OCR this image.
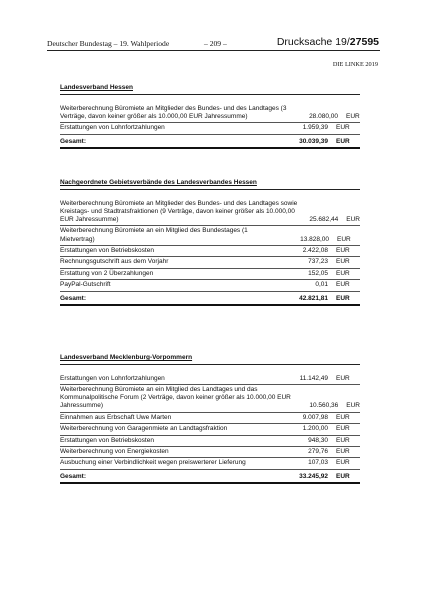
Deutscher Bundestag – 19. Wahlperiode	– 209 –	Drucksache 19/27595
DIE LINKE 2019
Landesverband Hessen
Weiterberechnung Büromiete an Mitglieder des Bundes- und des Landtages (3 Verträge, davon keiner größer als 10.000,00 EUR Jahressumme)	28.080,00	EUR
Erstattungen von Lohnfortzahlungen	1.959,39	EUR
Gesamt:	30.039,39	EUR
Nachgeordnete Gebietsverbände des Landesverbandes Hessen
Weiterberechnung Büromiete an Mitglieder des Bundes- und des Landtages sowie Kreistags- und Stadtratsfraktionen (9 Verträge, davon keiner größer als 10.000,00 EUR Jahressumme)	25.682,44	EUR
Weiterberechnung Büromiete an ein Mitglied des Bundestages (1 Mietvertrag)	13.828,00	EUR
Erstattungen von Betriebskosten	2.422,08	EUR
Rechnungsgutschrift aus dem Vorjahr	737,23	EUR
Erstattung von 2 Überzahlungen	152,05	EUR
PayPal-Gutschrift	0,01	EUR
Gesamt:	42.821,81	EUR
Landesverband Mecklenburg-Vorpommern
Erstattungen von Lohnfortzahlungen	11.142,49	EUR
Weiterberechnung Büromiete an ein Mitglied des Landtages und das Kommunalpolitische Forum (2 Verträge, davon keiner größer als 10.000,00 EUR Jahressumme)	10.560,36	EUR
Einnahmen aus Erbschaft Uwe Marten	9.007,98	EUR
Weiterberechnung von Garagenmiete an Landtagsfraktion	1.200,00	EUR
Erstattungen von Betriebskosten	948,30	EUR
Weiterberechnung von Energiekosten	279,76	EUR
Ausbuchung einer Verbindlichkeit wegen preiswerterer Lieferung	107,03	EUR
Gesamt:	33.245,92	EUR
